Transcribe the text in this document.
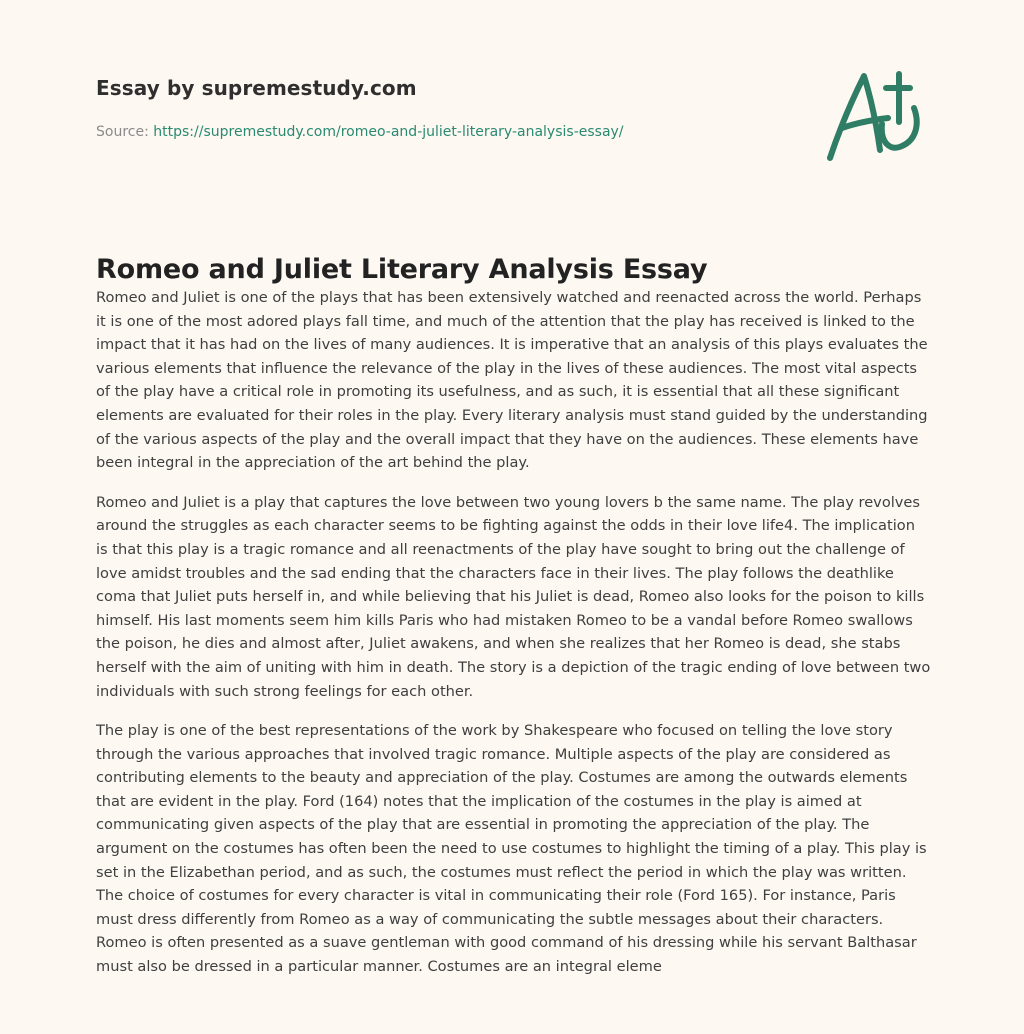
Essay by supremestudy.com
Source: https://supremestudy.com/romeo-and-juliet-literary-analysis-essay/
Romeo and Juliet Literary Analysis Essay

Romeo and Juliet is one of the plays that has been extensively watched and reenacted across the world. Perhaps it is one of the most adored plays fall time, and much of the attention that the play has received is linked to the impact that it has had on the lives of many audiences. It is imperative that an analysis of this plays evaluates the various elements that influence the relevance of the play in the lives of these audiences. The most vital aspects of the play have a critical role in promoting its usefulness, and as such, it is essential that all these significant elements are evaluated for their roles in the play. Every literary analysis must stand guided by the understanding of the various aspects of the play and the overall impact that they have on the audiences. These elements have been integral in the appreciation of the art behind the play.

Romeo and Juliet is a play that captures the love between two young lovers b the same name. The play revolves around the struggles as each character seems to be fighting against the odds in their love life4. The implication is that this play is a tragic romance and all reenactments of the play have sought to bring out the challenge of love amidst troubles and the sad ending that the characters face in their lives. The play follows the deathlike coma that Juliet puts herself in, and while believing that his Juliet is dead, Romeo also looks for the poison to kills himself. His last moments seem him kills Paris who had mistaken Romeo to be a vandal before Romeo swallows the poison, he dies and almost after, Juliet awakens, and when she realizes that her Romeo is dead, she stabs herself with the aim of uniting with him in death. The story is a depiction of the tragic ending of love between two individuals with such strong feelings for each other.

The play is one of the best representations of the work by Shakespeare who focused on telling the love story through the various approaches that involved tragic romance. Multiple aspects of the play are considered as contributing elements to the beauty and appreciation of the play. Costumes are among the outwards elements that are evident in the play. Ford (164) notes that the implication of the costumes in the play is aimed at communicating given aspects of the play that are essential in promoting the appreciation of the play. The argument on the costumes has often been the need to use costumes to highlight the timing of a play. This play is set in the Elizabethan period, and as such, the costumes must reflect the period in which the play was written. The choice of costumes for every character is vital in communicating their role (Ford 165). For instance, Paris must dress differently from Romeo as a way of communicating the subtle messages about their characters. Romeo is often presented as a suave gentleman with good command of his dressing while his servant Balthasar must also be dressed in a particular manner. Costumes are an integral eleme
